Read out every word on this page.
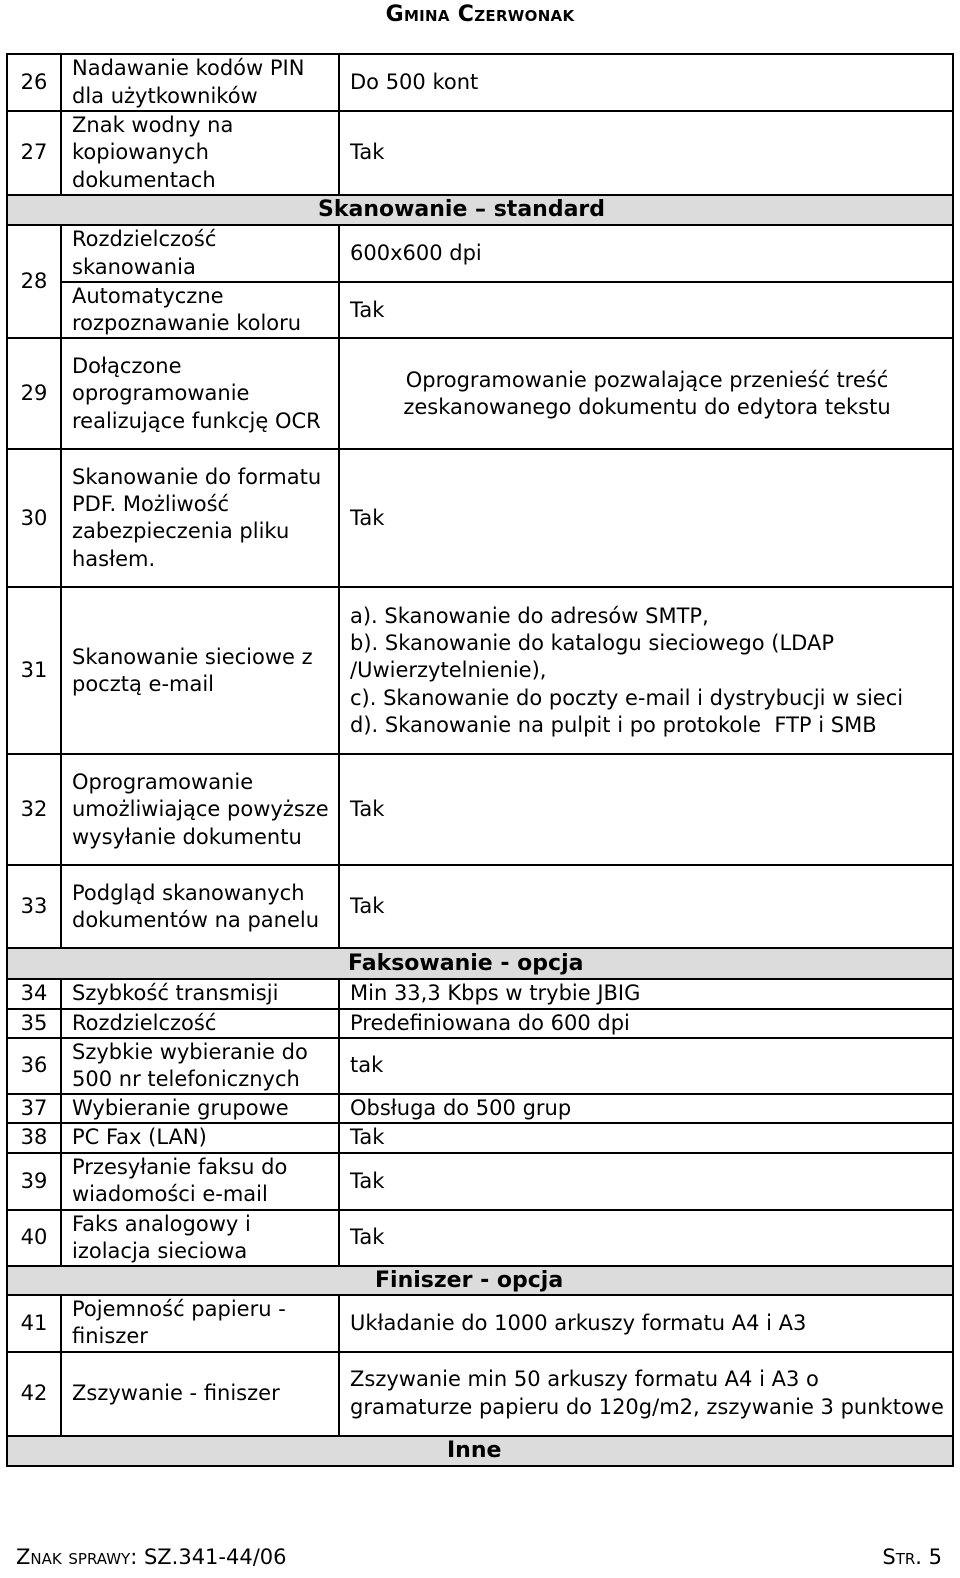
Gmina Czerwonak
26	Nadawanie kodów PIN dla użytkowników	Do 500 kont
27	Znak wodny na kopiowanych dokumentach	Tak
Skanowanie – standard		
28	Rozdzielczość skanowania	600x600 dpi
	Automatyczne rozpoznawanie koloru	Tak
29	Dołączone oprogramowanie realizujące funkcję OCR	Oprogramowanie pozwalające przenieść treść zeskanowanego dokumentu do edytora tekstu
30	Skanowanie do formatu PDF. Możliwość zabezpieczenia pliku hasłem.	Tak
31	Skanowanie sieciowe z pocztą e-mail	a). Skanowanie do adresów SMTP,
b). Skanowanie do katalogu sieciowego (LDAP /Uwierzytelnienie),
c). Skanowanie do poczty e-mail i dystrybucji w sieci
d). Skanowanie na pulpit i po protokole  FTP i SMB

32	Oprogramowanie umożliwiające powyższe wysyłanie dokumentu	Tak
33	Podgląd skanowanych dokumentów na panelu	Tak
Faksowanie - opcja		
34	Szybkość transmisji	Min 33,3 Kbps w trybie JBIG
35	Rozdzielczość	Predefiniowana do 600 dpi
36	Szybkie wybieranie do 500 nr telefonicznych	tak
37	Wybieranie grupowe	Obsługa do 500 grup
38	PC Fax (LAN)	Tak
39	Przesyłanie faksu do wiadomości e-mail	Tak
40	Faks analogowy i izolacja sieciowa	Tak
Finiszer - opcja		
41	Pojemność papieru - finiszer	Układanie do 1000 arkuszy formatu A4 i A3
42	Zszywanie - finiszer	Zszywanie min 50 arkuszy formatu A4 i A3 o gramaturze papieru do 120g/m2, zszywanie 3 punktowe
Inne		
Znak sprawy: SZ.341-44/06	Str. 5
